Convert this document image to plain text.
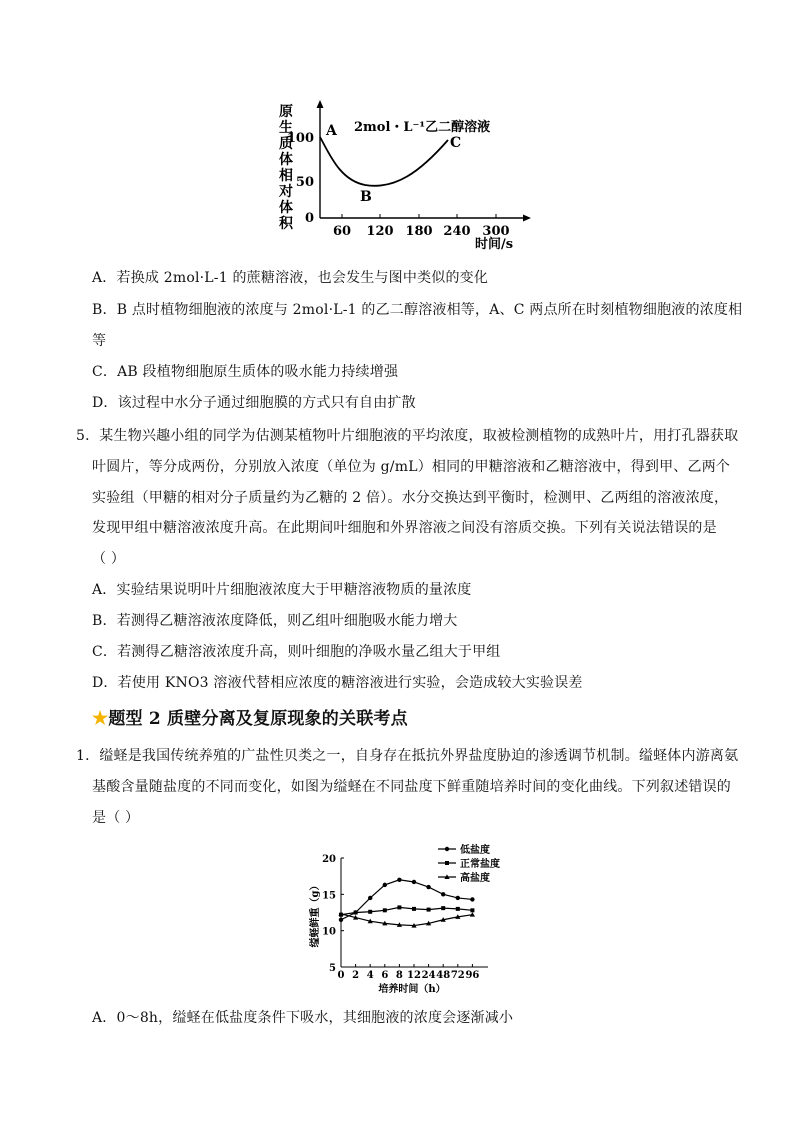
原
生
质
体
相
对
体
积
100
50
0
60 120 180 240 300
时间/s
A
B
C
2mol・L⁻¹乙二醇溶液
A．若换成 2mol·L-1 的蔗糖溶液，也会发生与图中类似的变化
B．B 点时植物细胞液的浓度与 2mol·L-1 的乙二醇溶液相等，A、C 两点所在时刻植物细胞液的浓度相
等
C．AB 段植物细胞原生质体的吸水能力持续增强
D．该过程中水分子通过细胞膜的方式只有自由扩散
5．某生物兴趣小组的同学为估测某植物叶片细胞液的平均浓度，取被检测植物的成熟叶片，用打孔器获取
叶圆片，等分成两份，分别放入浓度（单位为 g/mL）相同的甲糖溶液和乙糖溶液中，得到甲、乙两个
实验组（甲糖的相对分子质量约为乙糖的 2 倍）。水分交换达到平衡时，检测甲、乙两组的溶液浓度，
发现甲组中糖溶液浓度升高。在此期间叶细胞和外界溶液之间没有溶质交换。下列有关说法错误的是
（ ）
A．实验结果说明叶片细胞液浓度大于甲糖溶液物质的量浓度
B．若测得乙糖溶液浓度降低，则乙组叶细胞吸水能力增大
C．若测得乙糖溶液浓度升高，则叶细胞的净吸水量乙组大于甲组
D．若使用 KNO3 溶液代替相应浓度的糖溶液进行实验，会造成较大实验误差
★题型 2 质壁分离及复原现象的关联考点
1．缢蛏是我国传统养殖的广盐性贝类之一，自身存在抵抗外界盐度胁迫的渗透调节机制。缢蛏体内游离氨
基酸含量随盐度的不同而变化，如图为缢蛏在不同盐度下鲜重随培养时间的变化曲线。下列叙述错误的
是（ ）
低盐度
正常盐度
高盐度
缢蛏鲜重（g）
培养时间（h）
0 2 4 6 8 12 24 48 72 96
20
15
10
5
A．0～8h，缢蛏在低盐度条件下吸水，其细胞液的浓度会逐渐减小
